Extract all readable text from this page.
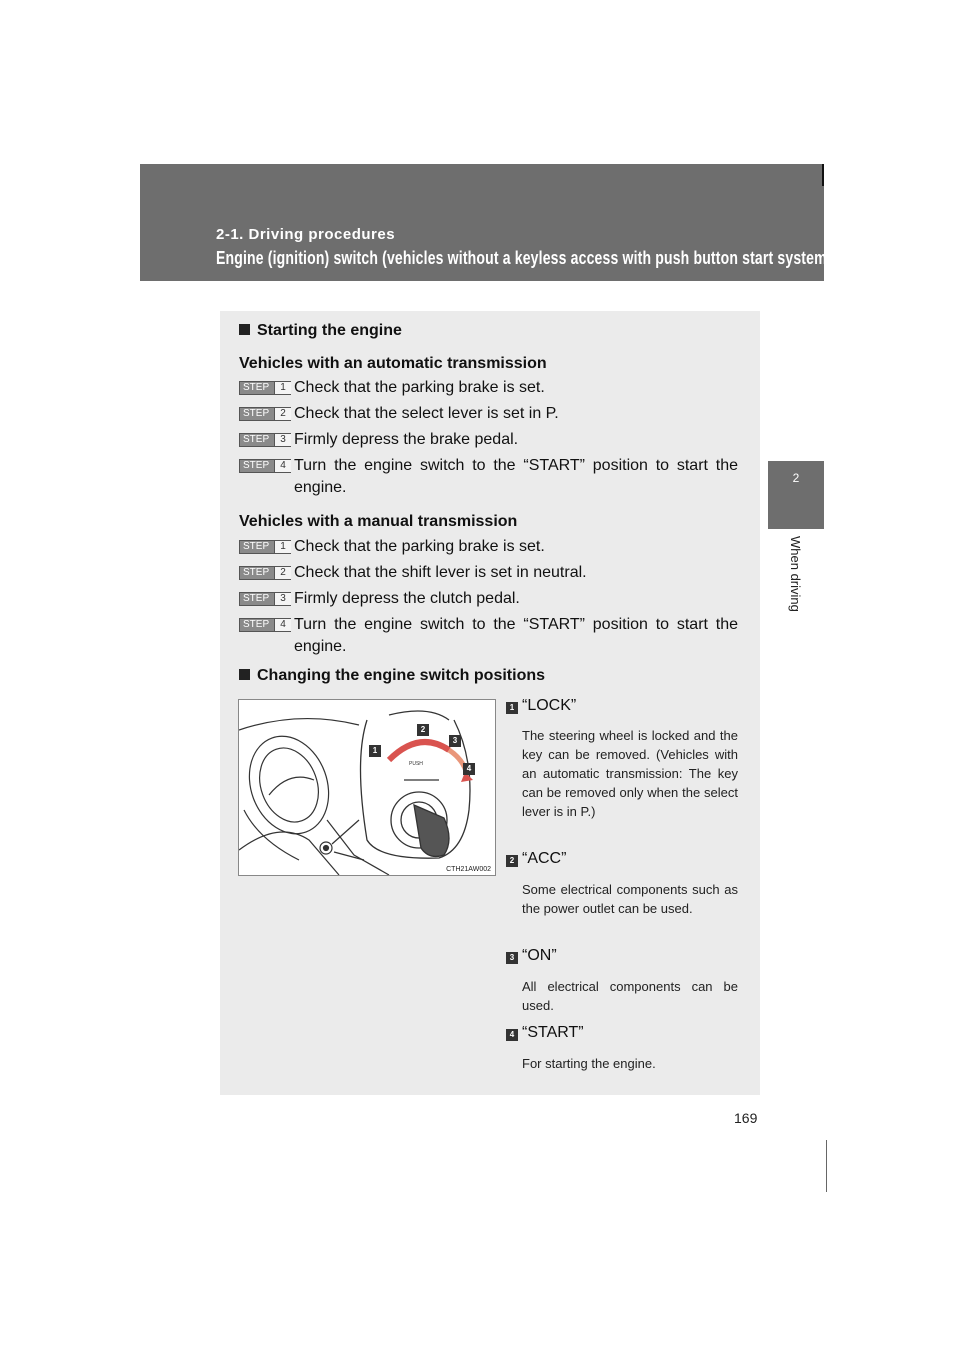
2-1. Driving procedures
Engine (ignition) switch (vehicles without a keyless access with push button start system)
2
When driving
Starting the engine
Vehicles with an automatic transmission
STEP	1 Check that the parking brake is set.
STEP	2 Check that the select lever is set in P.
STEP	3 Firmly depress the brake pedal.
STEP	4 Turn the engine switch to the “START” position to start the engine.
Vehicles with a manual transmission
STEP	1 Check that the parking brake is set.
STEP	2 Check that the shift lever is set in neutral.
STEP	3 Firmly depress the clutch pedal.
STEP	4 Turn the engine switch to the “START” position to start the engine.
Changing the engine switch positions
PUSH
1
2
3
4
CTH21AW002
1 “LOCK”
The steering wheel is locked and the key can be removed. (Vehicles with an automatic transmission: The key can be removed only when the select lever is in P.)
2 “ACC”
Some electrical components such as the power outlet can be used.
3 “ON”
All electrical components can be used.
4 “START”
For starting the engine.
169
